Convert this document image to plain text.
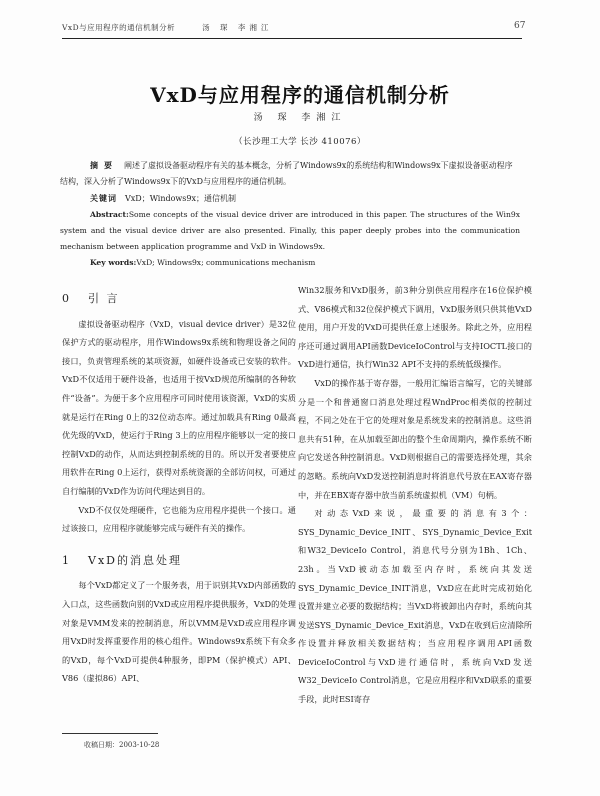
VxD与应用程序的通信机制分析	汤 琛 李湘江	67
VxD与应用程序的通信机制分析
汤 琛 李湘江
（长沙理工大学 长沙 410076）

摘要 阐述了虚拟设备驱动程序有关的基本概念，分析了Windows9x的系统结构和Windows9x下虚拟设备驱动程序结构，深入分析了Windows9x下的VxD与应用程序的通信机制。

关键词 VxD；Windows9x；通信机制

Abstract:Some concepts of the visual device driver are introduced in this paper. The structures of the Win9x system and the visual device driver are also presented. Finally, this paper deeply probes into the communication mechanism between application programme and VxD in Windows9x.

Key words:VxD; Windows9x; communications mechanism

0 引 言

虚拟设备驱动程序（VxD，visual device driver）是32位保护方式的驱动程序，用作Windows9x系统和物理设备之间的接口，负责管理系统的某项资源，如硬件设备或已安装的软件。VxD不仅适用于硬件设备，也适用于按VxD规范所编制的各种软件“设备”。为便于多个应用程序可同时使用该资源，VxD的实质就是运行在Ring 0上的32位动态库。通过加载具有Ring 0最高优先级的VxD，使运行于Ring 3上的应用程序能够以一定的接口控制VxD的动作，从而达到控制系统的目的。所以开发者要使应用软件在Ring 0上运行，获得对系统资源的全部访问权，可通过自行编制的VxD作为访问代理达到目的。

VxD不仅仅处理硬件，它也能为应用程序提供一个接口。通过该接口，应用程序就能够完成与硬件有关的操作。

1 VxD的消息处理

每个VxD都定义了一个服务表，用于识别其VxD内部函数的入口点，这些函数向别的VxD或应用程序提供服务，VxD的处理对象是VMM发来的控制消息，所以VMM是VxD或应用程序调用VxD时发挥重要作用的核心组件。Windows9x系统下有众多的VxD，每个VxD可提供4种服务，即PM（保护模式）API、V86（虚拟86）API、

Win32服务和VxD服务，前3种分别供应用程序在16位保护模式、V86模式和32位保护模式下调用，VxD服务则只供其他VxD使用，用户开发的VxD可提供任意上述服务。除此之外，应用程序还可通过调用API函数DeviceIoControl与支持IOCTL接口的VxD进行通信，执行Win32 API不支持的系统低级操作。

VxD的操作基于寄存器，一般用汇编语言编写，它的关键部分是一个和普通窗口消息处理过程WndProc相类似的控制过程，不同之处在于它的处理对象是系统发来的控制消息。这些消息共有51种，在从加载至卸出的整个生命周期内，操作系统不断向它发送各种控制消息。VxD则根据自己的需要选择处理，其余的忽略。系统向VxD发送控制消息时将消息代号放在EAX寄存器中，并在EBX寄存器中放当前系统虚拟机（VM）句柄。

对动态VxD来说，最重要的消息有3个：SYS_Dynamic_Device_INIT、SYS_Dynamic_Device_Exit和W32_DeviceIo Control，消息代号分别为1Bh、1Ch、23h。当VxD被动态加载至内存时，系统向其发送SYS_Dynamic_Device_INIT消息，VxD应在此时完成初始化设置并建立必要的数据结构；当VxD将被卸出内存时，系统向其发送SYS_Dynamic_Device_Exit消息，VxD在收到后应清除所作设置并释放相关数据结构；当应用程序调用API函数DeviceIoControl与VxD进行通信时，系统向VxD发送W32_DeviceIo Control消息，它是应用程序和VxD联系的重要手段，此时ESI寄存

收稿日期：2003-10-28
